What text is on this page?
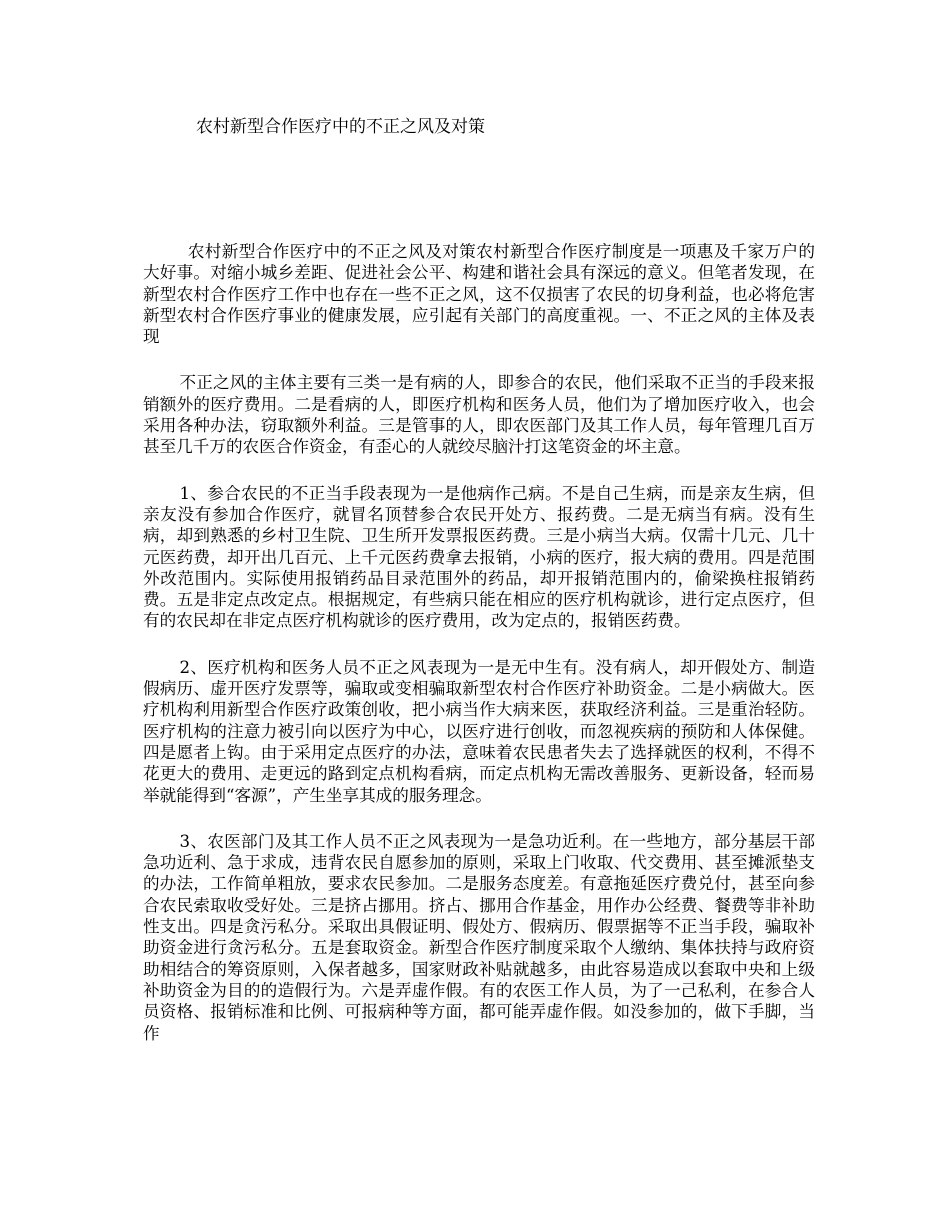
农村新型合作医疗中的不正之风及对策

农村新型合作医疗中的不正之风及对策农村新型合作医疗制度是一项惠及千家万户的大好事。对缩小城乡差距、促进社会公平、构建和谐社会具有深远的意义。但笔者发现，在新型农村合作医疗工作中也存在一些不正之风，这不仅损害了农民的切身利益，也必将危害新型农村合作医疗事业的健康发展，应引起有关部门的高度重视。一、不正之风的主体及表现

不正之风的主体主要有三类一是有病的人，即参合的农民，他们采取不正当的手段来报销额外的医疗费用。二是看病的人，即医疗机构和医务人员，他们为了增加医疗收入，也会采用各种办法，窃取额外利益。三是管事的人，即农医部门及其工作人员，每年管理几百万甚至几千万的农医合作资金，有歪心的人就绞尽脑汁打这笔资金的坏主意。

1、参合农民的不正当手段表现为一是他病作己病。不是自己生病，而是亲友生病，但亲友没有参加合作医疗，就冒名顶替参合农民开处方、报药费。二是无病当有病。没有生病，却到熟悉的乡村卫生院、卫生所开发票报医药费。三是小病当大病。仅需十几元、几十元医药费，却开出几百元、上千元医药费拿去报销，小病的医疗，报大病的费用。四是范围外改范围内。实际使用报销药品目录范围外的药品，却开报销范围内的，偷梁换柱报销药费。五是非定点改定点。根据规定，有些病只能在相应的医疗机构就诊，进行定点医疗，但有的农民却在非定点医疗机构就诊的医疗费用，改为定点的，报销医药费。

2、医疗机构和医务人员不正之风表现为一是无中生有。没有病人，却开假处方、制造假病历、虚开医疗发票等，骗取或变相骗取新型农村合作医疗补助资金。二是小病做大。医疗机构利用新型合作医疗政策创收，把小病当作大病来医，获取经济利益。三是重治轻防。医疗机构的注意力被引向以医疗为中心，以医疗进行创收，而忽视疾病的预防和人体保健。四是愿者上钩。由于采用定点医疗的办法，意味着农民患者失去了选择就医的权利，不得不花更大的费用、走更远的路到定点机构看病，而定点机构无需改善服务、更新设备，轻而易举就能得到“客源”，产生坐享其成的服务理念。

3、农医部门及其工作人员不正之风表现为一是急功近利。在一些地方，部分基层干部急功近利、急于求成，违背农民自愿参加的原则，采取上门收取、代交费用、甚至摊派垫支的办法，工作简单粗放，要求农民参加。二是服务态度差。有意拖延医疗费兑付，甚至向参合农民索取收受好处。三是挤占挪用。挤占、挪用合作基金，用作办公经费、餐费等非补助性支出。四是贪污私分。采取出具假证明、假处方、假病历、假票据等不正当手段，骗取补助资金进行贪污私分。五是套取资金。新型合作医疗制度采取个人缴纳、集体扶持与政府资助相结合的筹资原则，入保者越多，国家财政补贴就越多，由此容易造成以套取中央和上级补助资金为目的的造假行为。六是弄虚作假。有的农医工作人员，为了一己私利，在参合人员资格、报销标准和比例、可报病种等方面，都可能弄虚作假。如没参加的，做下手脚，当作
